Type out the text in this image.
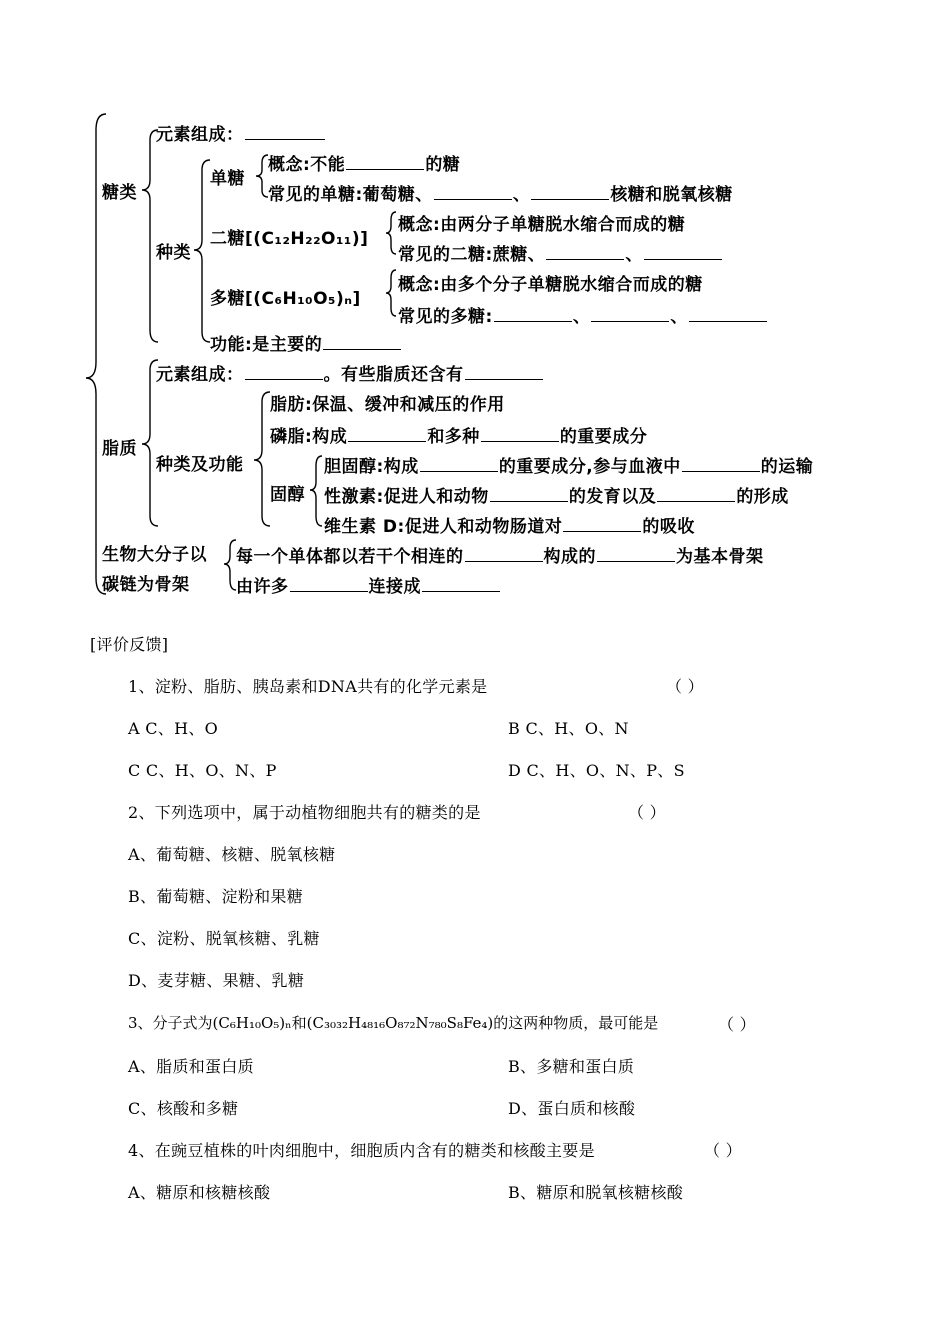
糖类
元素组成：
种类
单糖
概念:不能	的糖
常见的单糖:葡萄糖、	、	核糖和脱氧核糖
二糖[(C₁₂H₂₂O₁₁)]
概念:由两分子单糖脱水缩合而成的糖
常见的二糖:蔗糖、	、
多糖[(C₆H₁₀O₅)ₙ]
概念:由多个分子单糖脱水缩合而成的糖
常见的多糖:	、	、
功能:是主要的
脂质
元素组成：	。有些脂质还含有
种类及功能
脂肪:保温、缓冲和减压的作用
磷脂:构成	和多种	的重要成分
固醇
胆固醇:构成	的重要成分,参与血液中	的运输
性激素:促进人和动物	的发育以及	的形成
维生素 D:促进人和动物肠道对	的吸收
生物大分子以
碳链为骨架
每一个单体都以若干个相连的	构成的	为基本骨架
由许多	连接成
[评价反馈]
1、淀粉、脂肪、胰岛素和DNA共有的化学元素是	（ ）
A C、H、O	B C、H、O、N
C C、H、O、N、P	D C、H、O、N、P、S
2、下列选项中，属于动植物细胞共有的糖类的是	（ ）
A、葡萄糖、核糖、脱氧核糖
B、葡萄糖、淀粉和果糖
C、淀粉、脱氧核糖、乳糖
D、麦芽糖、果糖、乳糖
3、分子式为(C₆H₁₀O₅)ₙ和(C₃₀₃₂H₄₈₁₆O₈₇₂N₇₈₀S₈Fe₄)的这两种物质，最可能是	（ ）
A、脂质和蛋白质	B、多糖和蛋白质
C、核酸和多糖	D、蛋白质和核酸
4、在豌豆植株的叶肉细胞中，细胞质内含有的糖类和核酸主要是	（ ）
A、糖原和核糖核酸	B、糖原和脱氧核糖核酸
